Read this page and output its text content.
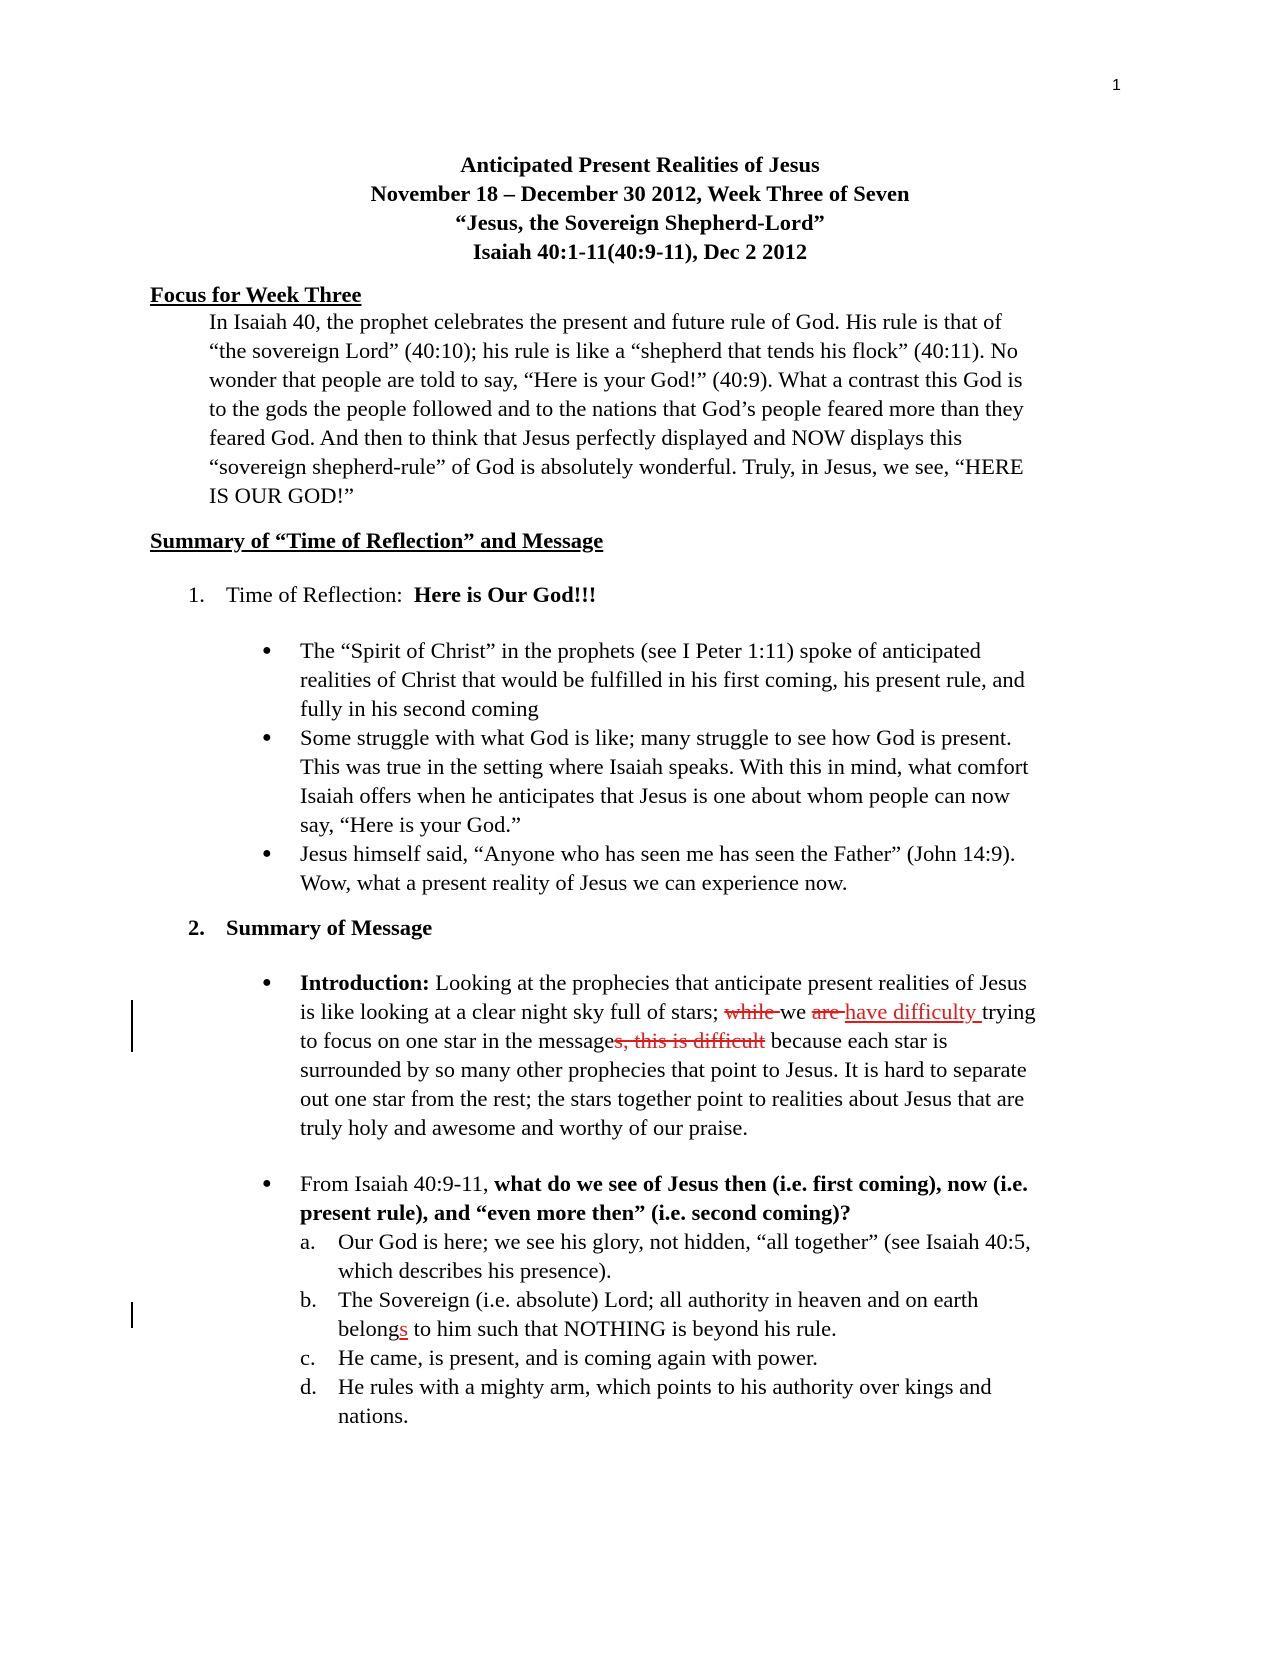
1
Anticipated Present Realities of Jesus
November 18 – December 30 2012, Week Three of Seven
“Jesus, the Sovereign Shepherd-Lord”
Isaiah 40:1-11(40:9-11), Dec 2 2012
Focus for Week Three
In Isaiah 40, the prophet celebrates the present and future rule of God. His rule is that of
“the sovereign Lord” (40:10); his rule is like a “shepherd that tends his flock” (40:11). No
wonder that people are told to say, “Here is your God!” (40:9). What a contrast this God is
to the gods the people followed and to the nations that God’s people feared more than they
feared God. And then to think that Jesus perfectly displayed and NOW displays this
“sovereign shepherd-rule” of God is absolutely wonderful. Truly, in Jesus, we see, “HERE
IS OUR GOD!”
Summary of “Time of Reflection” and Message
1. Time of Reflection:  Here is Our God!!!
●	The “Spirit of Christ” in the prophets (see I Peter 1:11) spoke of anticipated
realities of Christ that would be fulfilled in his first coming, his present rule, and
fully in his second coming
●	Some struggle with what God is like; many struggle to see how God is present.
This was true in the setting where Isaiah speaks. With this in mind, what comfort
Isaiah offers when he anticipates that Jesus is one about whom people can now
say, “Here is your God.”
●	Jesus himself said, “Anyone who has seen me has seen the Father” (John 14:9).
Wow, what a present reality of Jesus we can experience now.
2. Summary of Message
●	Introduction: Looking at the prophecies that anticipate present realities of Jesus
is like looking at a clear night sky full of stars; while we are have difficulty trying
to focus on one star in the messages, this is difficult because each star is
surrounded by so many other prophecies that point to Jesus. It is hard to separate
out one star from the rest; the stars together point to realities about Jesus that are
truly holy and awesome and worthy of our praise.
●	From Isaiah 40:9-11, what do we see of Jesus then (i.e. first coming), now (i.e.
present rule), and “even more then” (i.e. second coming)?
a. Our God is here; we see his glory, not hidden, “all together” (see Isaiah 40:5,
which describes his presence).
b. The Sovereign (i.e. absolute) Lord; all authority in heaven and on earth
belongs to him such that NOTHING is beyond his rule.
c. He came, is present, and is coming again with power.
d. He rules with a mighty arm, which points to his authority over kings and
nations.
